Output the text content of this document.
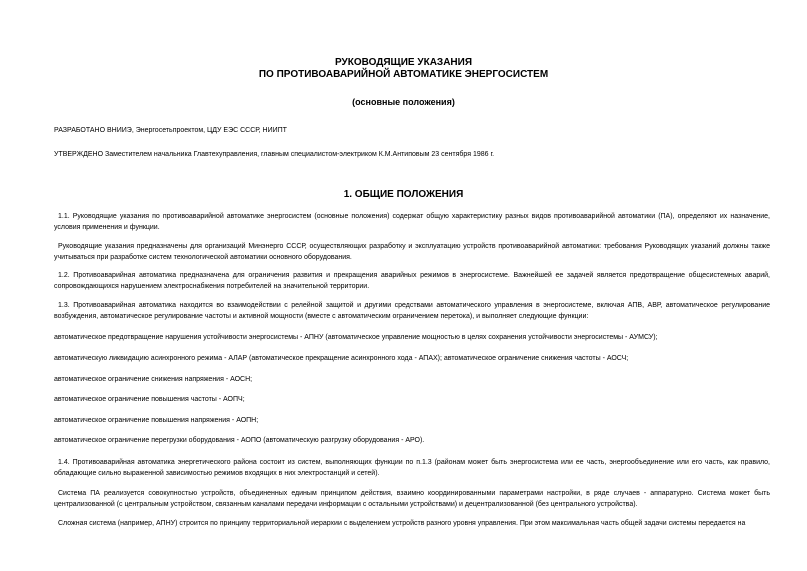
РУКОВОДЯЩИЕ УКАЗАНИЯ
ПО ПРОТИВОАВАРИЙНОЙ АВТОМАТИКЕ ЭНЕРГОСИСТЕМ
(основные положения)
РАЗРАБОТАНО ВНИИЭ, Энергосетьпроектом, ЦДУ ЕЭС СССР, НИИПТ
УТВЕРЖДЕНО Заместителем начальника Главтехуправления, главным специалистом-электриком К.М.Антиповым 23 сентября 1986 г.
1. ОБЩИЕ ПОЛОЖЕНИЯ
1.1. Руководящие указания по противоаварийной автоматике энергосистем (основные положения) содержат общую характеристику разных видов противоаварийной автоматики (ПА), определяют их назначение, условия применения и функции.
Руководящие указания предназначены для организаций Минэнерго СССР, осуществляющих разработку и эксплуатацию устройств противоаварийной автоматики: требования Руководящих указаний должны также учитываться при разработке систем технологической автоматики основного оборудования.
1.2. Противоаварийная автоматика предназначена для ограничения развития и прекращения аварийных режимов в энергосистеме. Важнейшей ее задачей является предотвращение общесистемных аварий, сопровождающихся нарушением электроснабжения потребителей на значительной территории.
1.3. Противоаварийная автоматика находится во взаимодействии с релейной защитой и другими средствами автоматического управления в энергосистеме, включая АПВ, АВР, автоматическое регулирование возбуждения, автоматическое регулирование частоты и активной мощности (вместе с автоматическим ограничением перетока), и выполняет следующие функции:
автоматическое предотвращение нарушения устойчивости энергосистемы - АПНУ (автоматическое управление мощностью в целях сохранения устойчивости энергосистемы - АУМСУ);
автоматическую ликвидацию асинхронного режима - АЛАР (автоматическое прекращение асинхронного хода - АПАХ); автоматическое ограничение снижения частоты - АОСЧ;
автоматическое ограничение снижения напряжения - АОСН;
автоматическое ограничение повышения частоты - АОПЧ;
автоматическое ограничение повышения напряжения - АОПН;
автоматическое ограничение перегрузки оборудования - АОПО (автоматическую разгрузку оборудования - АРО).
1.4. Противоаварийная автоматика энергетического района состоит из систем, выполняющих функции по п.1.3 (районам может быть энергосистема или ее часть, энергообъединение или его часть, как правило, обладающие сильно выраженной зависимостью режимов входящих в них электростанций и сетей).
Система ПА реализуется совокупностью устройств, объединенных единым принципом действия, взаимно координированными параметрами настройки, в ряде случаев - аппаратурно. Система может быть централизованной (с центральным устройством, связанным каналами передачи информации с остальными устройствами) и децентрализованной (без центрального устройства).
Сложная система (например, АПНУ) строится по принципу территориальной иерархии с выделением устройств разного уровня управления. При этом максимальная часть общей задачи системы передается на
